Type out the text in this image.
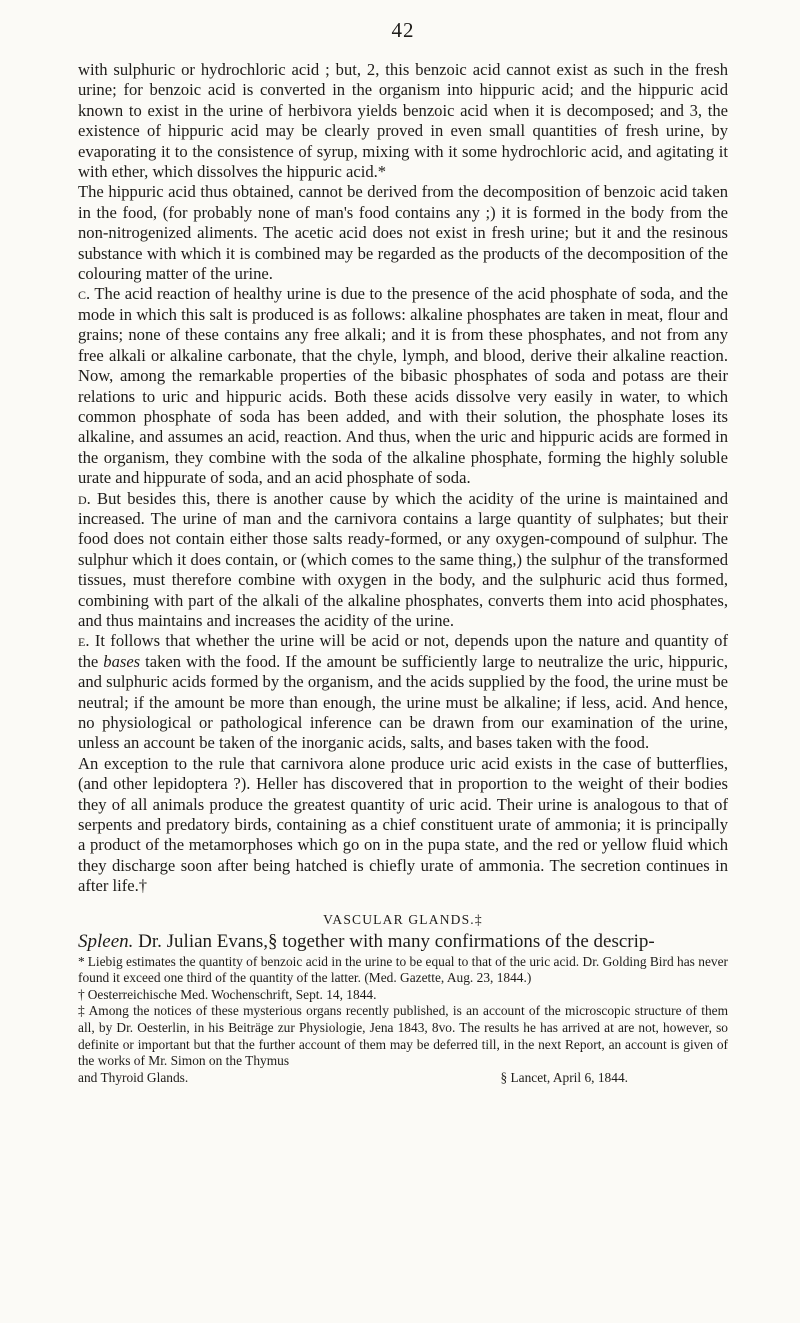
42

with sulphuric or hydrochloric acid ; but, 2, this benzoic acid cannot exist as such in the fresh urine; for benzoic acid is converted in the organism into hippuric acid; and the hippuric acid known to exist in the urine of herbivora yields benzoic acid when it is decomposed; and 3, the existence of hippuric acid may be clearly proved in even small quantities of fresh urine, by evaporating it to the consistence of syrup, mixing with it some hydrochloric acid, and agitating it with ether, which dissolves the hippuric acid.*

The hippuric acid thus obtained, cannot be derived from the decomposition of benzoic acid taken in the food, (for probably none of man's food contains any ;) it is formed in the body from the non-nitrogenized aliments. The acetic acid does not exist in fresh urine; but it and the resinous substance with which it is combined may be regarded as the products of the decomposition of the colouring matter of the urine.

c. The acid reaction of healthy urine is due to the presence of the acid phosphate of soda, and the mode in which this salt is produced is as follows: alkaline phosphates are taken in meat, flour and grains; none of these contains any free alkali; and it is from these phosphates, and not from any free alkali or alkaline carbonate, that the chyle, lymph, and blood, derive their alkaline reaction. Now, among the remarkable properties of the bibasic phosphates of soda and potass are their relations to uric and hippuric acids. Both these acids dissolve very easily in water, to which common phosphate of soda has been added, and with their solution, the phosphate loses its alkaline, and assumes an acid, reaction. And thus, when the uric and hippuric acids are formed in the organism, they combine with the soda of the alkaline phosphate, forming the highly soluble urate and hippurate of soda, and an acid phosphate of soda.

d. But besides this, there is another cause by which the acidity of the urine is maintained and increased. The urine of man and the carnivora contains a large quantity of sulphates; but their food does not contain either those salts ready-formed, or any oxygen-compound of sulphur. The sulphur which it does contain, or (which comes to the same thing,) the sulphur of the transformed tissues, must therefore combine with oxygen in the body, and the sulphuric acid thus formed, combining with part of the alkali of the alkaline phosphates, converts them into acid phosphates, and thus maintains and increases the acidity of the urine.

e. It follows that whether the urine will be acid or not, depends upon the nature and quantity of the bases taken with the food. If the amount be sufficiently large to neutralize the uric, hippuric, and sulphuric acids formed by the organism, and the acids supplied by the food, the urine must be neutral; if the amount be more than enough, the urine must be alkaline; if less, acid. And hence, no physiological or pathological inference can be drawn from our examination of the urine, unless an account be taken of the inorganic acids, salts, and bases taken with the food.

An exception to the rule that carnivora alone produce uric acid exists in the case of butterflies, (and other lepidoptera ?). Heller has discovered that in proportion to the weight of their bodies they of all animals produce the greatest quantity of uric acid. Their urine is analogous to that of serpents and predatory birds, containing as a chief constituent urate of ammonia; it is principally a product of the metamorphoses which go on in the pupa state, and the red or yellow fluid which they discharge soon after being hatched is chiefly urate of ammonia. The secretion continues in after life.†

VASCULAR GLANDS.‡

Spleen. Dr. Julian Evans,§ together with many confirmations of the descrip-

* Liebig estimates the quantity of benzoic acid in the urine to be equal to that of the uric acid. Dr. Golding Bird has never found it exceed one third of the quantity of the latter. (Med. Gazette, Aug. 23, 1844.)

† Oesterreichische Med. Wochenschrift, Sept. 14, 1844.

‡ Among the notices of these mysterious organs recently published, is an account of the microscopic structure of them all, by Dr. Oesterlin, in his Beiträge zur Physiologie, Jena 1843, 8vo. The results he has arrived at are not, however, so definite or important but that the further account of them may be deferred till, in the next Report, an account is given of the works of Mr. Simon on the Thymus

and Thyroid Glands.	§ Lancet, April 6, 1844.
